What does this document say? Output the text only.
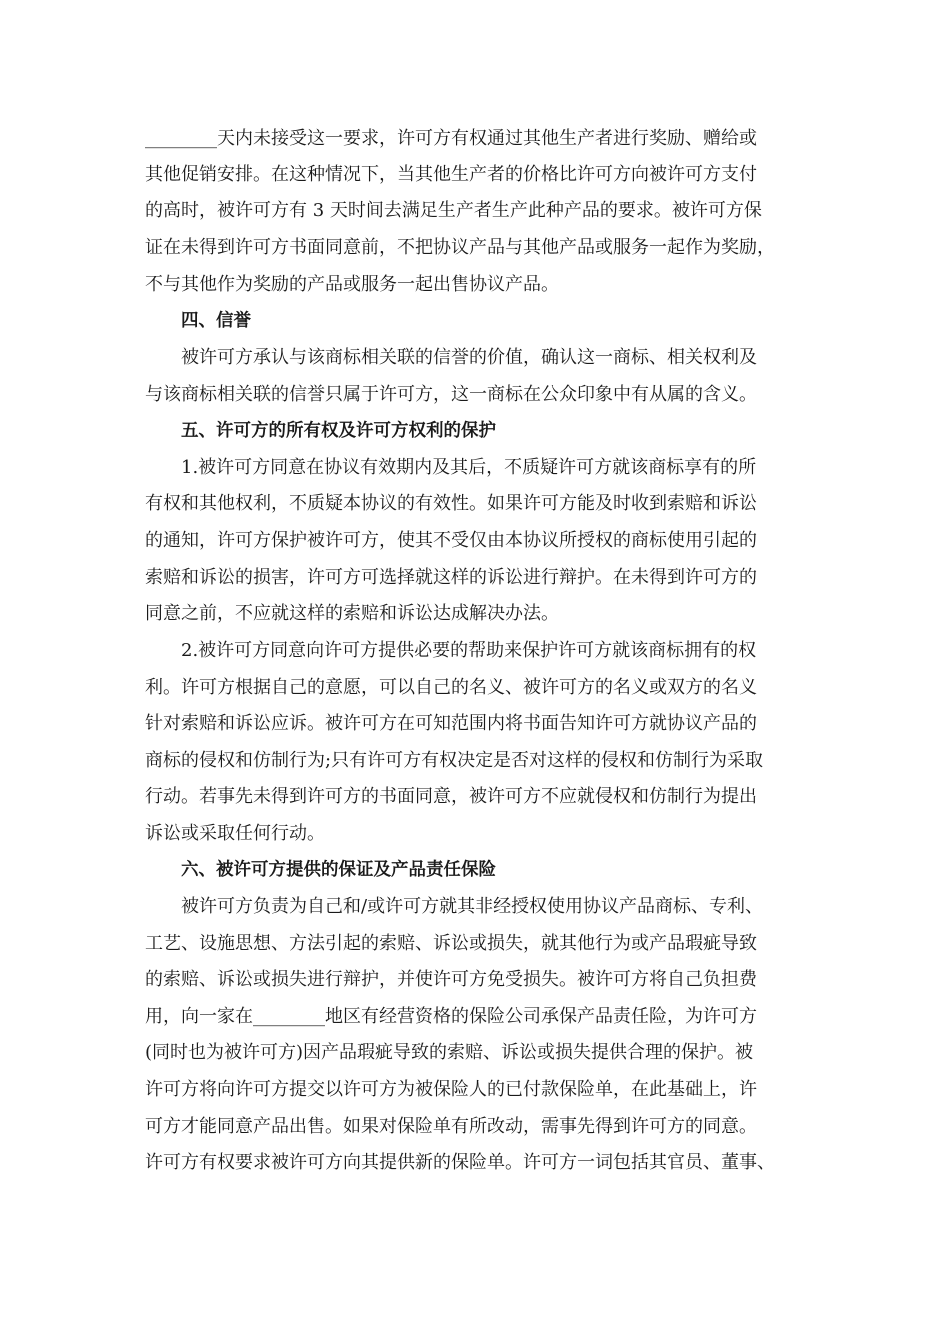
________天内未接受这一要求，许可方有权通过其他生产者进行奖励、赠给或
其他促销安排。在这种情况下，当其他生产者的价格比许可方向被许可方支付
的高时，被许可方有 3 天时间去满足生产者生产此种产品的要求。被许可方保
证在未得到许可方书面同意前，不把协议产品与其他产品或服务一起作为奖励，
不与其他作为奖励的产品或服务一起出售协议产品。
四、信誉
被许可方承认与该商标相关联的信誉的价值，确认这一商标、相关权利及
与该商标相关联的信誉只属于许可方，这一商标在公众印象中有从属的含义。
五、许可方的所有权及许可方权利的保护
1.被许可方同意在协议有效期内及其后，不质疑许可方就该商标享有的所
有权和其他权利，不质疑本协议的有效性。如果许可方能及时收到索赔和诉讼
的通知，许可方保护被许可方，使其不受仅由本协议所授权的商标使用引起的
索赔和诉讼的损害，许可方可选择就这样的诉讼进行辩护。在未得到许可方的
同意之前，不应就这样的索赔和诉讼达成解决办法。
2.被许可方同意向许可方提供必要的帮助来保护许可方就该商标拥有的权
利。许可方根据自己的意愿，可以自己的名义、被许可方的名义或双方的名义
针对索赔和诉讼应诉。被许可方在可知范围内将书面告知许可方就协议产品的
商标的侵权和仿制行为;只有许可方有权决定是否对这样的侵权和仿制行为采取
行动。若事先未得到许可方的书面同意，被许可方不应就侵权和仿制行为提出
诉讼或采取任何行动。
六、被许可方提供的保证及产品责任保险
被许可方负责为自己和/或许可方就其非经授权使用协议产品商标、专利、
工艺、设施思想、方法引起的索赔、诉讼或损失，就其他行为或产品瑕疵导致
的索赔、诉讼或损失进行辩护，并使许可方免受损失。被许可方将自己负担费
用，向一家在________地区有经营资格的保险公司承保产品责任险，为许可方
(同时也为被许可方)因产品瑕疵导致的索赔、诉讼或损失提供合理的保护。被
许可方将向许可方提交以许可方为被保险人的已付款保险单，在此基础上，许
可方才能同意产品出售。如果对保险单有所改动，需事先得到许可方的同意。
许可方有权要求被许可方向其提供新的保险单。许可方一词包括其官员、董事、
